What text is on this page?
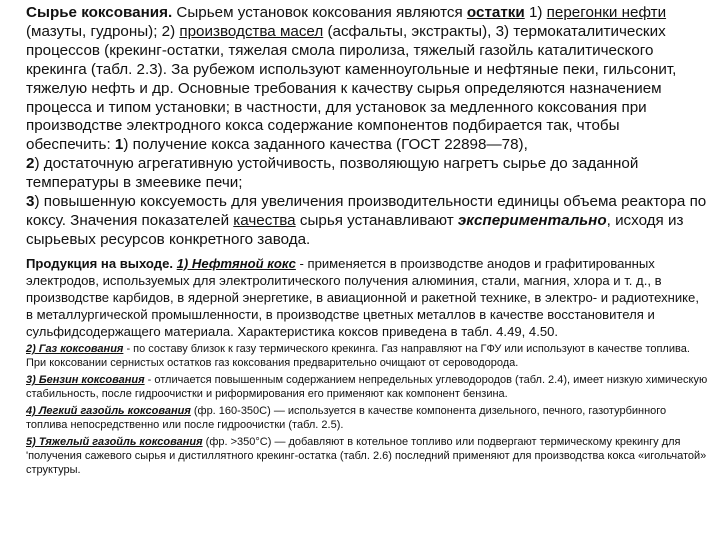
Сырье коксования. Сырьем установок коксования являются остатки 1) перегонки нефти (мазуты, гудроны); 2) производства масел (асфальты, экстракты), 3) термокаталитических процессов (крекинг-остатки, тяжелая смола пиролиза, тяжелый газойль каталитического крекинга (табл. 2.3). За рубежом используют каменноугольные и нефтяные пеки, гильсонит, тяжелую нефть и др. Основные требования к качеству сырья определяются назначением процесса и типом установки; в частности, для установок за медленного коксования при производстве электродного кокса содержание компонентов подбирается так, чтобы обеспечить: 1) получение кокса заданного качества (ГОСТ 22898—78),
2) достаточную агрегативную устойчивость, позволяющую нагретъ сырье до заданной температуры в змеевике печи;
3) повышенную коксуемость для увеличения производительности единицы объема реактора по коксу. Значения показателей качества сырья устанавливают экспериментально, исходя из сырьевых ресурсов конкретного завода.

Продукция на выходе. 1) Нефтяной кокс - применяется в производстве анодов и графитированных электродов, используемых для электролитического получения алюминия, стали, магния, хлора и т. д., в производстве карбидов, в ядерной энергетике, в авиационной и ракетной технике, в электро- и радиотехнике, в металлургической промышленности, в производстве цветных металлов в качестве восстановителя и сульфидсодержащего материала. Характеристика коксов приведена в табл. 4.49, 4.50.

2) Газ коксования - по составу близок к газу термического крекинга. Газ направляют на ГФУ или используют в качестве топлива. При коксовании сернистых остатков газ коксования предварительно очищают от сероводорода.

3) Бензин коксования - отличается повышенным содержанием непредельных углеводородов (табл. 2.4), имеет низкую химическую стабильность, после гидроочистки и риформирования его применяют как компонент бензина.

4) Легкий газойль коксования (фр. 160-350С) — используется в качестве компонента дизельного, печного, газотурбинного топлива непосредственно или после гидроочистки (табл. 2.5).

5) Тяжелый газойль коксования (фр. >350°С) — добавляют в котельное топливо или подвергают термическому крекингу для 'получения сажевого сырья и дистиллятного крекинг-остатка (табл. 2.6) последний применяют для производства кокса «игольчатой» структуры.
